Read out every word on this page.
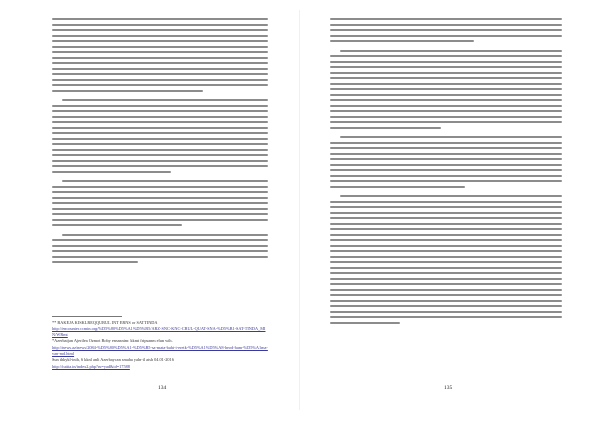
** BAKEJA KISKLREQQURUL INT ERNS or SATTINDA
http://encounter.ccmin.org/%D5%80%D5%A1%D5%B5/ARZ-SNC-KNC-CRUL-QUAT-SNA-%D5%B1-SAT-TINDA_MIN/WRmt
*Azerbaijan Ajerilea Ozmot Boby ensnsnim: kkmt fripsanm elun wih.
http://news.az/news/2084-%D5%80%D5%A1-%D5%B5-sa-mata-bahi-i-eretk-%D5%A1%D5%A8-heod-ham-%D5%A1ma-van-md.html
Sun thkykl-inih, 6 kknl anli Azerbaycan smaha yaln-il atsh 04.01-2016
http://tuttia.in/index2.php?ru=yad&id=17588
134	135
